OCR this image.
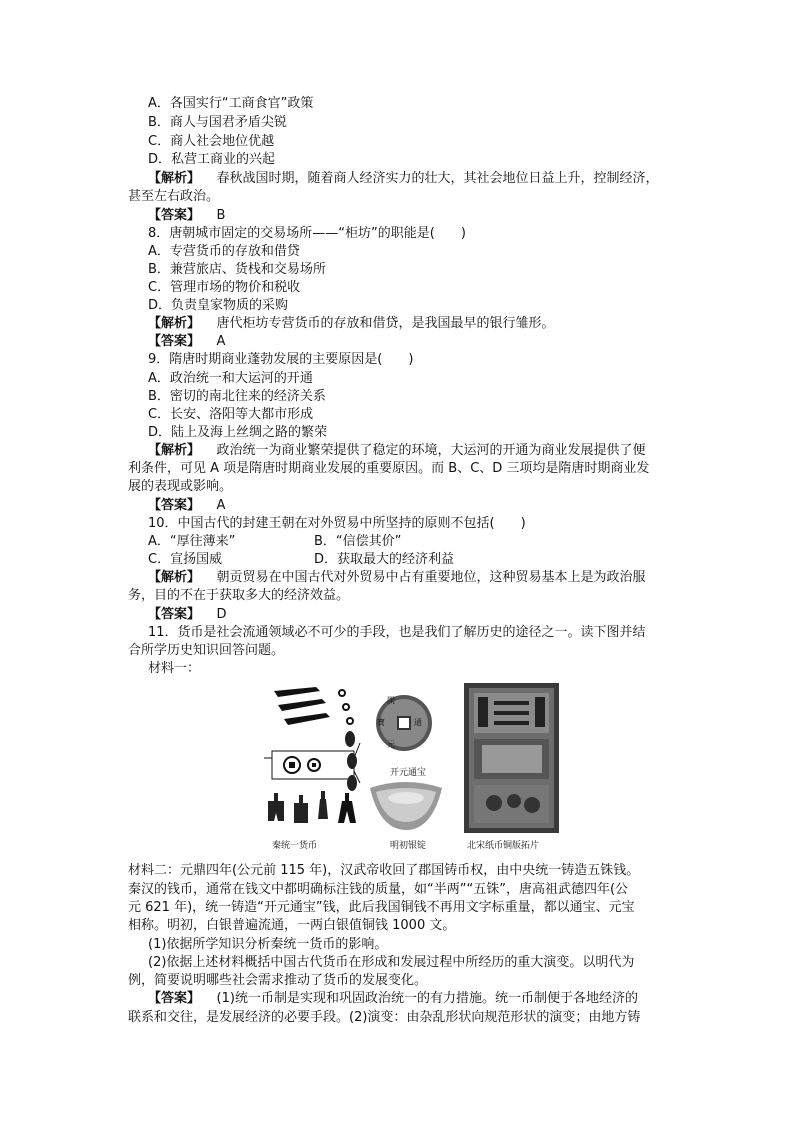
A．各国实行“工商食官”政策
B．商人与国君矛盾尖锐
C．商人社会地位优越
D．私营工商业的兴起
【解析】 春秋战国时期，随着商人经济实力的壮大，其社会地位日益上升，控制经济，
甚至左右政治。
【答案】 B
8．唐朝城市固定的交易场所——“柜坊”的职能是(　　)
A．专营货币的存放和借贷
B．兼营旅店、货栈和交易场所
C．管理市场的物价和税收
D．负责皇家物质的采购
【解析】 唐代柜坊专营货币的存放和借贷，是我国最早的银行雏形。
【答案】 A
9．隋唐时期商业蓬勃发展的主要原因是(　　)
A．政治统一和大运河的开通
B．密切的南北往来的经济关系
C．长安、洛阳等大都市形成
D．陆上及海上丝绸之路的繁荣
【解析】 政治统一为商业繁荣提供了稳定的环境，大运河的开通为商业发展提供了便
利条件，可见 A 项是隋唐时期商业发展的重要原因。而 B、C、D 三项均是隋唐时期商业发
展的表现或影响。
【答案】 A
10．中国古代的封建王朝在对外贸易中所坚持的原则不包括(　　)
A．“厚往薄来”	B．“信偿其价”
C．宣扬国威	D．获取最大的经济利益
【解析】 朝贡贸易在中国古代对外贸易中占有重要地位，这种贸易基本上是为政治服
务，目的不在于获取多大的经济效益。
【答案】 D
11．货币是社会流通领域必不可少的手段，也是我们了解历史的途径之一。读下图并结
合所学历史知识回答问题。
材料一：
秦统一货币
開
元
通
寶
开元通宝
明初银锭	北宋纸币铜版拓片
材料二：元鼎四年(公元前 115 年)，汉武帝收回了郡国铸币权，由中央统一铸造五铢钱。
秦汉的钱币，通常在钱文中都明确标注钱的质量，如“半两”“五铢”，唐高祖武德四年(公
元 621 年)，统一铸造“开元通宝”钱，此后我国铜钱不再用文字标重量，都以通宝、元宝
相称。明初，白银普遍流通，一两白银值铜钱 1000 文。
(1)依据所学知识分析秦统一货币的影响。
(2)依据上述材料概括中国古代货币在形成和发展过程中所经历的重大演变。以明代为
例，简要说明哪些社会需求推动了货币的发展变化。
【答案】 (1)统一币制是实现和巩固政治统一的有力措施。统一币制便于各地经济的
联系和交往，是发展经济的必要手段。(2)演变：由杂乱形状向规范形状的演变；由地方铸
